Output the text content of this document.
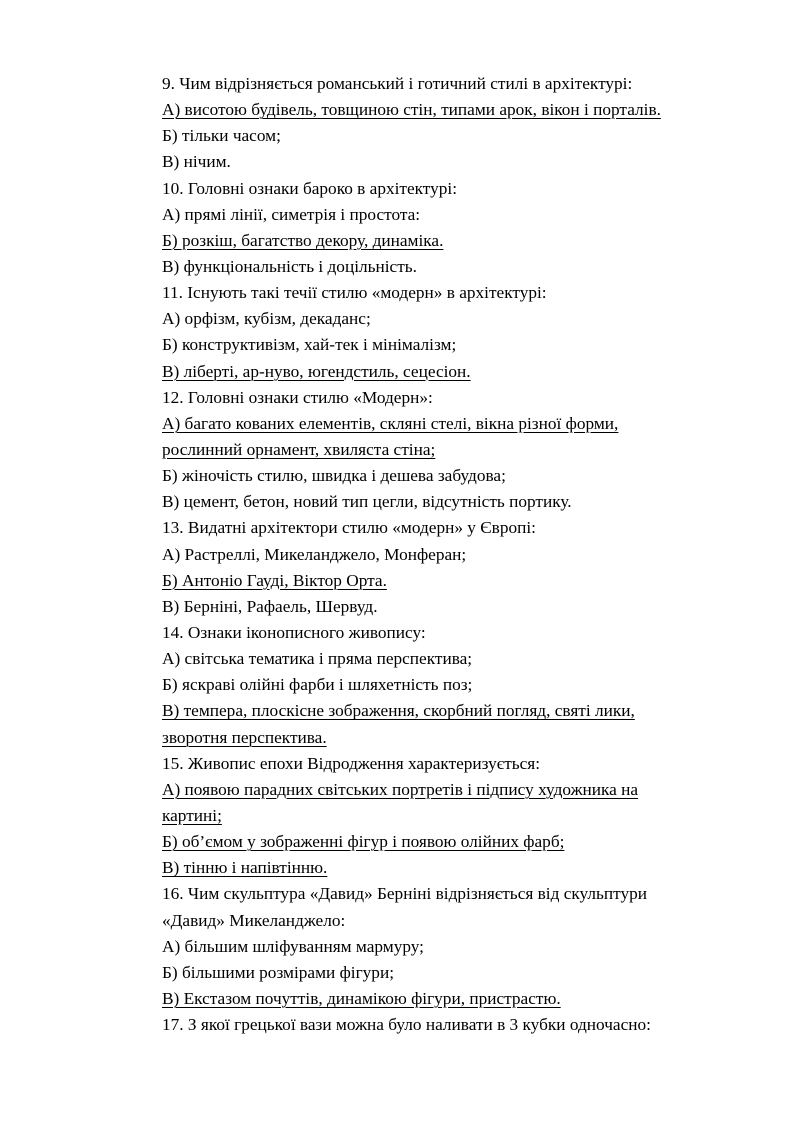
9. Чим відрізняється романський і готичний стилі в архітектурі:
А) висотою будівель, товщиною стін, типами арок, вікон і порталів.
Б) тільки часом;
В) нічим.
10. Головні ознаки бароко в архітектурі:
А) прямі лінії, симетрія і простота:
Б) розкіш, багатство декору, динаміка.
В) функціональність і доцільність.
11. Існують такі течії стилю «модерн» в архітектурі:
А) орфізм, кубізм, декаданс;
Б) конструктивізм, хай-тек і мінімалізм;
В) ліберті, ар-нуво, югендстиль, сецесіон.
12. Головні ознаки стилю «Модерн»:
А) багато кованих елементів, скляні стелі, вікна різної форми,
рослинний орнамент, хвиляста стіна;
Б) жіночість стилю, швидка і дешева забудова;
В) цемент, бетон, новий тип цегли, відсутність портику.
13. Видатні архітектори стилю «модерн» у Європі:
А) Растреллі, Микеланджело, Монферан;
Б) Антоніо Гауді, Віктор Орта.
В) Берніні, Рафаель, Шервуд.
14. Ознаки іконописного живопису:
А) світська тематика і пряма перспектива;
Б) яскраві олійні фарби і шляхетність поз;
В) темпера, плоскісне зображення, скорбний погляд, святі лики,
зворотня перспектива.
15. Живопис епохи Відродження характеризується:
А) появою парадних світських портретів і підпису художника на
картині;
Б) об’ємом у зображенні фігур і появою олійних фарб;
В) тінню і напівтінню.
16. Чим скульптура «Давид» Берніні відрізняється від скульптури
«Давид» Микеланджело:
А) більшим шліфуванням мармуру;
Б) більшими розмірами фігури;
В) Екстазом почуттів, динамікою фігури, пристрастю.
17. З якої грецької вази можна було наливати в 3 кубки одночасно:
